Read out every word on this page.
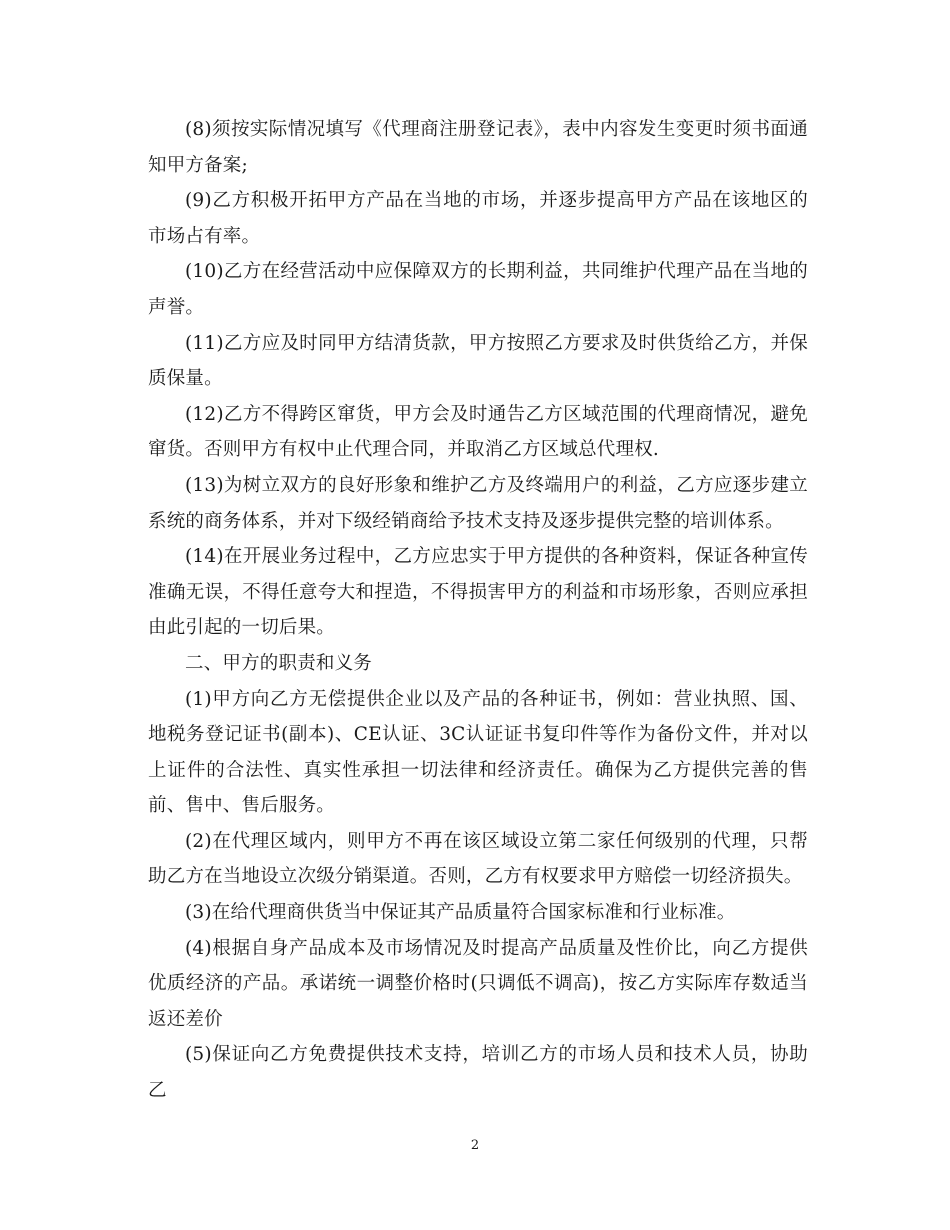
(8)须按实际情况填写《代理商注册登记表》，表中内容发生变更时须书面通知甲方备案;

(9)乙方积极开拓甲方产品在当地的市场，并逐步提高甲方产品在该地区的市场占有率。

(10)乙方在经营活动中应保障双方的长期利益，共同维护代理产品在当地的声誉。

(11)乙方应及时同甲方结清货款，甲方按照乙方要求及时供货给乙方，并保质保量。

(12)乙方不得跨区窜货，甲方会及时通告乙方区域范围的代理商情况，避免窜货。否则甲方有权中止代理合同，并取消乙方区域总代理权.

(13)为树立双方的良好形象和维护乙方及终端用户的利益，乙方应逐步建立系统的商务体系，并对下级经销商给予技术支持及逐步提供完整的培训体系。

(14)在开展业务过程中，乙方应忠实于甲方提供的各种资料，保证各种宣传准确无误，不得任意夸大和捏造，不得损害甲方的利益和市场形象，否则应承担由此引起的一切后果。

二、甲方的职责和义务

(1)甲方向乙方无偿提供企业以及产品的各种证书，例如：营业执照、国、地税务登记证书(副本)、CE认证、3C认证证书复印件等作为备份文件，并对以上证件的合法性、真实性承担一切法律和经济责任。确保为乙方提供完善的售前、售中、售后服务。

(2)在代理区域内，则甲方不再在该区域设立第二家任何级别的代理，只帮助乙方在当地设立次级分销渠道。否则，乙方有权要求甲方赔偿一切经济损失。

(3)在给代理商供货当中保证其产品质量符合国家标准和行业标准。

(4)根据自身产品成本及市场情况及时提高产品质量及性价比，向乙方提供优质经济的产品。承诺统一调整价格时(只调低不调高)，按乙方实际库存数适当返还差价

(5)保证向乙方免费提供技术支持，培训乙方的市场人员和技术人员，协助乙

2
